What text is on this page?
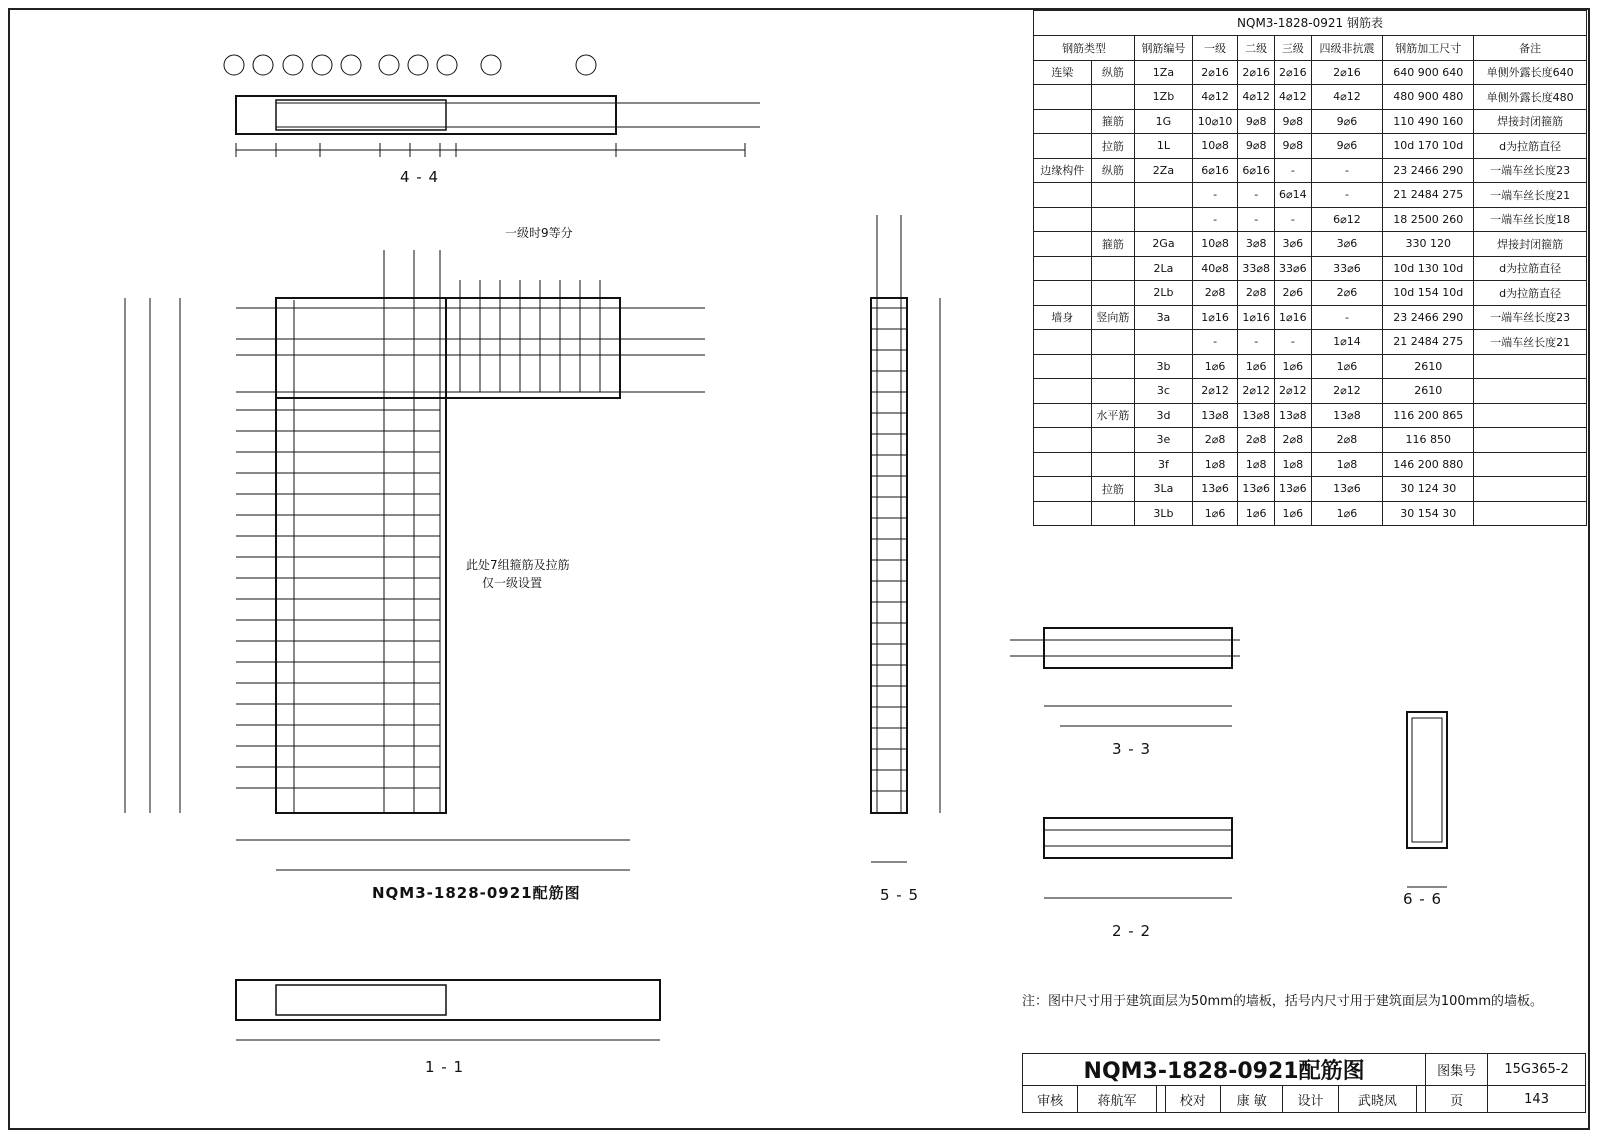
NQM3-1828-0921 钢筋表
钢筋类型		钢筋编号	一级	二级	三级	四级非抗震	钢筋加工尺寸	备注
连梁	纵筋	1Za	2⌀16	2⌀16	2⌀16	2⌀16	640 900 640	单侧外露长度640
		1Zb	4⌀12	4⌀12	4⌀12	4⌀12	480 900 480	单侧外露长度480
	箍筋	1G	10⌀10	9⌀8	9⌀8	9⌀6	110 490 160	焊接封闭箍筋
	拉筋	1L	10⌀8	9⌀8	9⌀8	9⌀6	10d 170 10d	d为拉筋直径
边缘构件	纵筋	2Za	6⌀16	6⌀16	-	-	23 2466 290	一端车丝长度23
			-	-	6⌀14	-	21 2484 275	一端车丝长度21
			-	-	-	6⌀12	18 2500 260	一端车丝长度18
	箍筋	2Ga	10⌀8	3⌀8	3⌀6	3⌀6	330 120	焊接封闭箍筋
		2La	40⌀8	33⌀8	33⌀6	33⌀6	10d 130 10d	d为拉筋直径
		2Lb	2⌀8	2⌀8	2⌀6	2⌀6	10d 154 10d	d为拉筋直径
墙身	竖向筋	3a	1⌀16	1⌀16	1⌀16	-	23 2466 290	一端车丝长度23
			-	-	-	1⌀14	21 2484 275	一端车丝长度21
		3b	1⌀6	1⌀6	1⌀6	1⌀6	2610	
		3c	2⌀12	2⌀12	2⌀12	2⌀12	2610	
	水平筋	3d	13⌀8	13⌀8	13⌀8	13⌀8	116 200 865	
		3e	2⌀8	2⌀8	2⌀8	2⌀8	116 850	
		3f	1⌀8	1⌀8	1⌀8	1⌀8	146 200 880	
	拉筋	3La	13⌀6	13⌀6	13⌀6	13⌀6	30 124 30	
		3Lb	1⌀6	1⌀6	1⌀6	1⌀6	30 154 30	
4 - 4
5 - 5
3 - 3
2 - 2
6 - 6
1 - 1
NQM3-1828-0921配筋图
此处7组箍筋及拉筋
仅一级设置
一级时9等分
注：图中尺寸用于建筑面层为50mm的墙板，括号内尺寸用于建筑面层为100mm的墙板。
NQM3-1828-0921配筋图								图集号	15G365-2
审核	蒋航军		校对	康 敏	设计	武晓凤		页	143
